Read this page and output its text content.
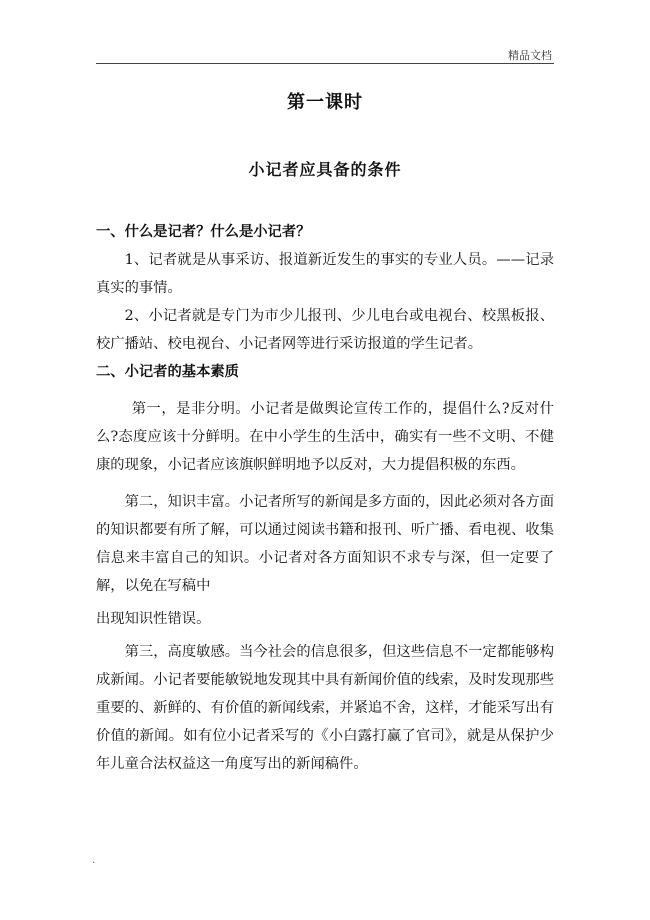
精品文档
第一课时
小记者应具备的条件
一、什么是记者？什么是小记者？

1、记者就是从事采访、报道新近发生的事实的专业人员。——记录真实的事情。

2、小记者就是专门为市少儿报刊、少儿电台或电视台、校黑板报、校广播站、校电视台、小记者网等进行采访报道的学生记者。

二、小记者的基本素质

第一，是非分明。小记者是做舆论宣传工作的，提倡什么?反对什么?态度应该十分鲜明。在中小学生的生活中，确实有一些不文明、不健康的现象，小记者应该旗帜鲜明地予以反对，大力提倡积极的东西。

第二，知识丰富。小记者所写的新闻是多方面的，因此必须对各方面的知识都要有所了解，可以通过阅读书籍和报刊、听广播、看电视、收集信息来丰富自己的知识。小记者对各方面知识不求专与深，但一定要了解，以免在写稿中

出现知识性错误。

第三，高度敏感。当今社会的信息很多，但这些信息不一定都能够构成新闻。小记者要能敏锐地发现其中具有新闻价值的线索，及时发现那些重要的、新鲜的、有价值的新闻线索，并紧追不舍，这样，才能采写出有价值的新闻。如有位小记者采写的《小白露打赢了官司》，就是从保护少年儿童合法权益这一角度写出的新闻稿件。

.
